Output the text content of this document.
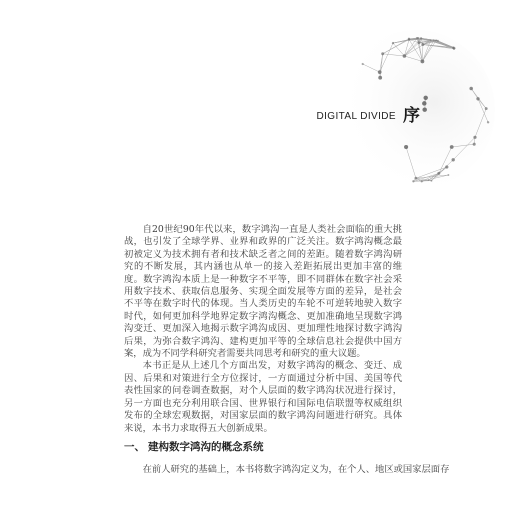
DIGITAL DIVIDE 序

自20世纪90年代以来，数字鸿沟一直是人类社会面临的重大挑战，也引发了全球学界、业界和政界的广泛关注。数字鸿沟概念最初被定义为技术拥有者和技术缺乏者之间的差距。随着数字鸿沟研究的不断发展，其内涵也从单一的接入差距拓展出更加丰富的维度。数字鸿沟本质上是一种数字不平等，即不同群体在数字社会采用数字技术、获取信息服务、实现全面发展等方面的差异，是社会不平等在数字时代的体现。当人类历史的车轮不可逆转地驶入数字时代，如何更加科学地界定数字鸿沟概念、更加准确地呈现数字鸿沟变迁、更加深入地揭示数字鸿沟成因、更加理性地探讨数字鸿沟后果，为弥合数字鸿沟、建构更加平等的全球信息社会提供中国方案，成为不同学科研究者需要共同思考和研究的重大议题。

本书正是从上述几个方面出发，对数字鸿沟的概念、变迁、成因、后果和对策进行全方位探讨，一方面通过分析中国、美国等代表性国家的问卷调查数据，对个人层面的数字鸿沟状况进行探讨，另一方面也充分利用联合国、世界银行和国际电信联盟等权威组织发布的全球宏观数据，对国家层面的数字鸿沟问题进行研究。具体来说，本书力求取得五大创新成果。

一、 建构数字鸿沟的概念系统

在前人研究的基础上，本书将数字鸿沟定义为，在个人、地区或国家层面存
